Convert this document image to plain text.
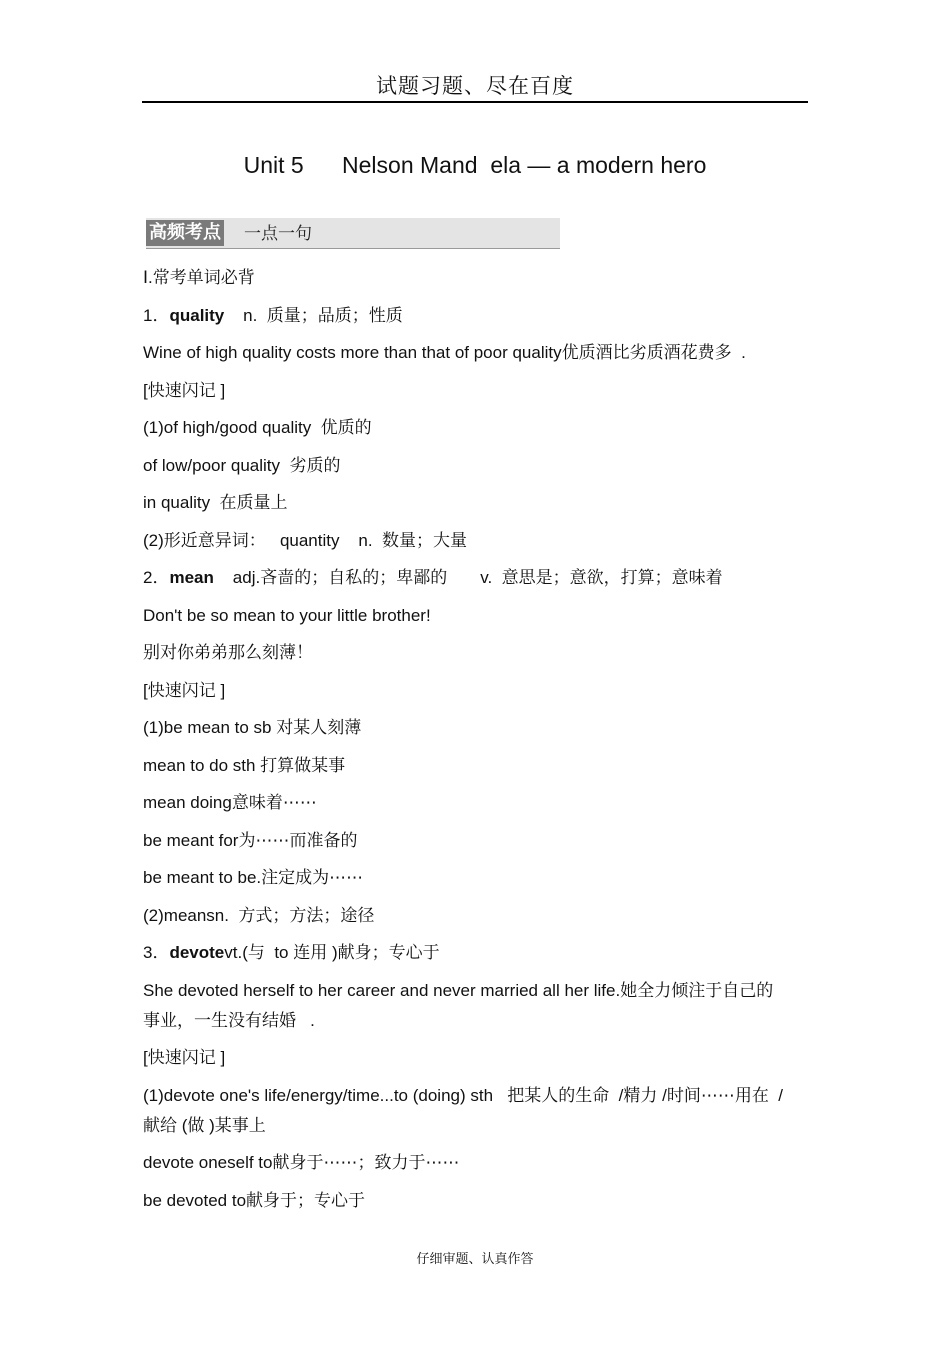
试题习题、尽在百度
Unit 5      Nelson Mand  ela — a modern hero
高频考点 一点一句
Ⅰ.常考单词必背
1．quality    n.  质量；品质；性质
Wine of high quality costs more than that of poor quality优质酒比劣质酒花费多  .
[快速闪记 ]
(1)of high/good quality  优质的
of low/poor quality  劣质的
in quality  在质量上
(2)形近意异词：   quantity    n.  数量；大量
2．mean    adj.吝啬的；自私的；卑鄙的       v.  意思是；意欲，打算；意味着
Don't be so mean to your little brother!
别对你弟弟那么刻薄！
[快速闪记 ]
(1)be mean to sb 对某人刻薄
mean to do sth 打算做某事
mean doing意味着⋯⋯
be meant for为⋯⋯而准备的
be meant to be.注定成为⋯⋯
(2)meansn.  方式；方法；途径
3．devotevt.(与  to 连用 )献身；专心于
She devoted herself to her career and never married all her life.她全力倾注于自己的
事业，一生没有结婚   .
[快速闪记 ]
(1)devote one's life/energy/time...to (doing) sth   把某人的生命  /精力 /时间⋯⋯用在  /
献给 (做 )某事上
devote oneself to献身于⋯⋯；致力于⋯⋯
be devoted to献身于；专心于
仔细审题、认真作答
